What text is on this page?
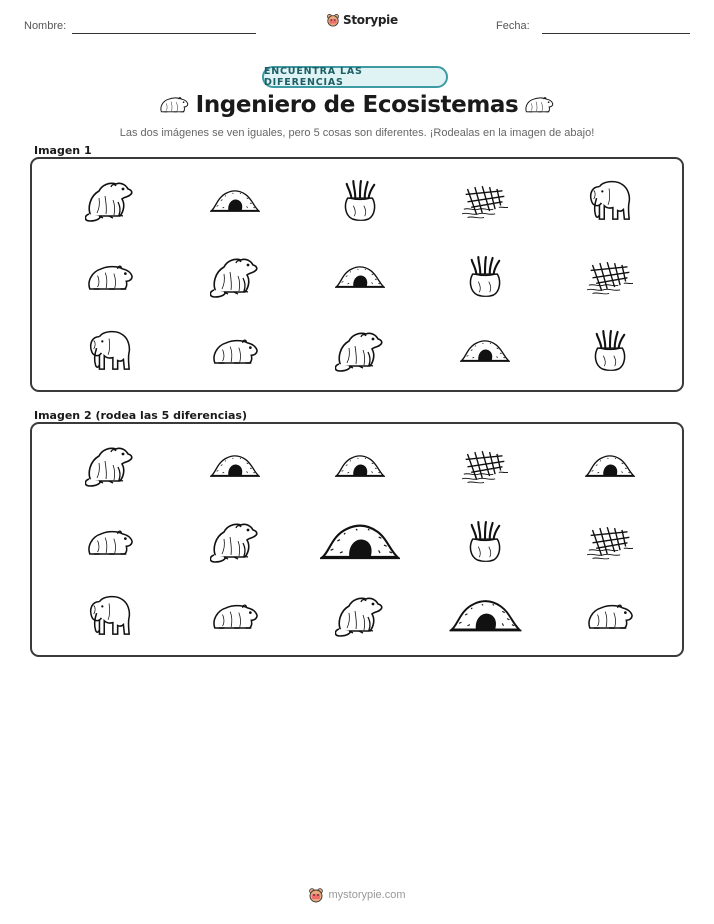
Nombre:	Storypie	Fecha:
ENCUENTRA LAS DIFERENCIAS
Ingeniero de Ecosistemas
Las dos imágenes se ven iguales, pero 5 cosas son diferentes. ¡Rodealas en la imagen de abajo!
Imagen 1
Imagen 2 (rodea las 5 diferencias)
mystorypie.com
